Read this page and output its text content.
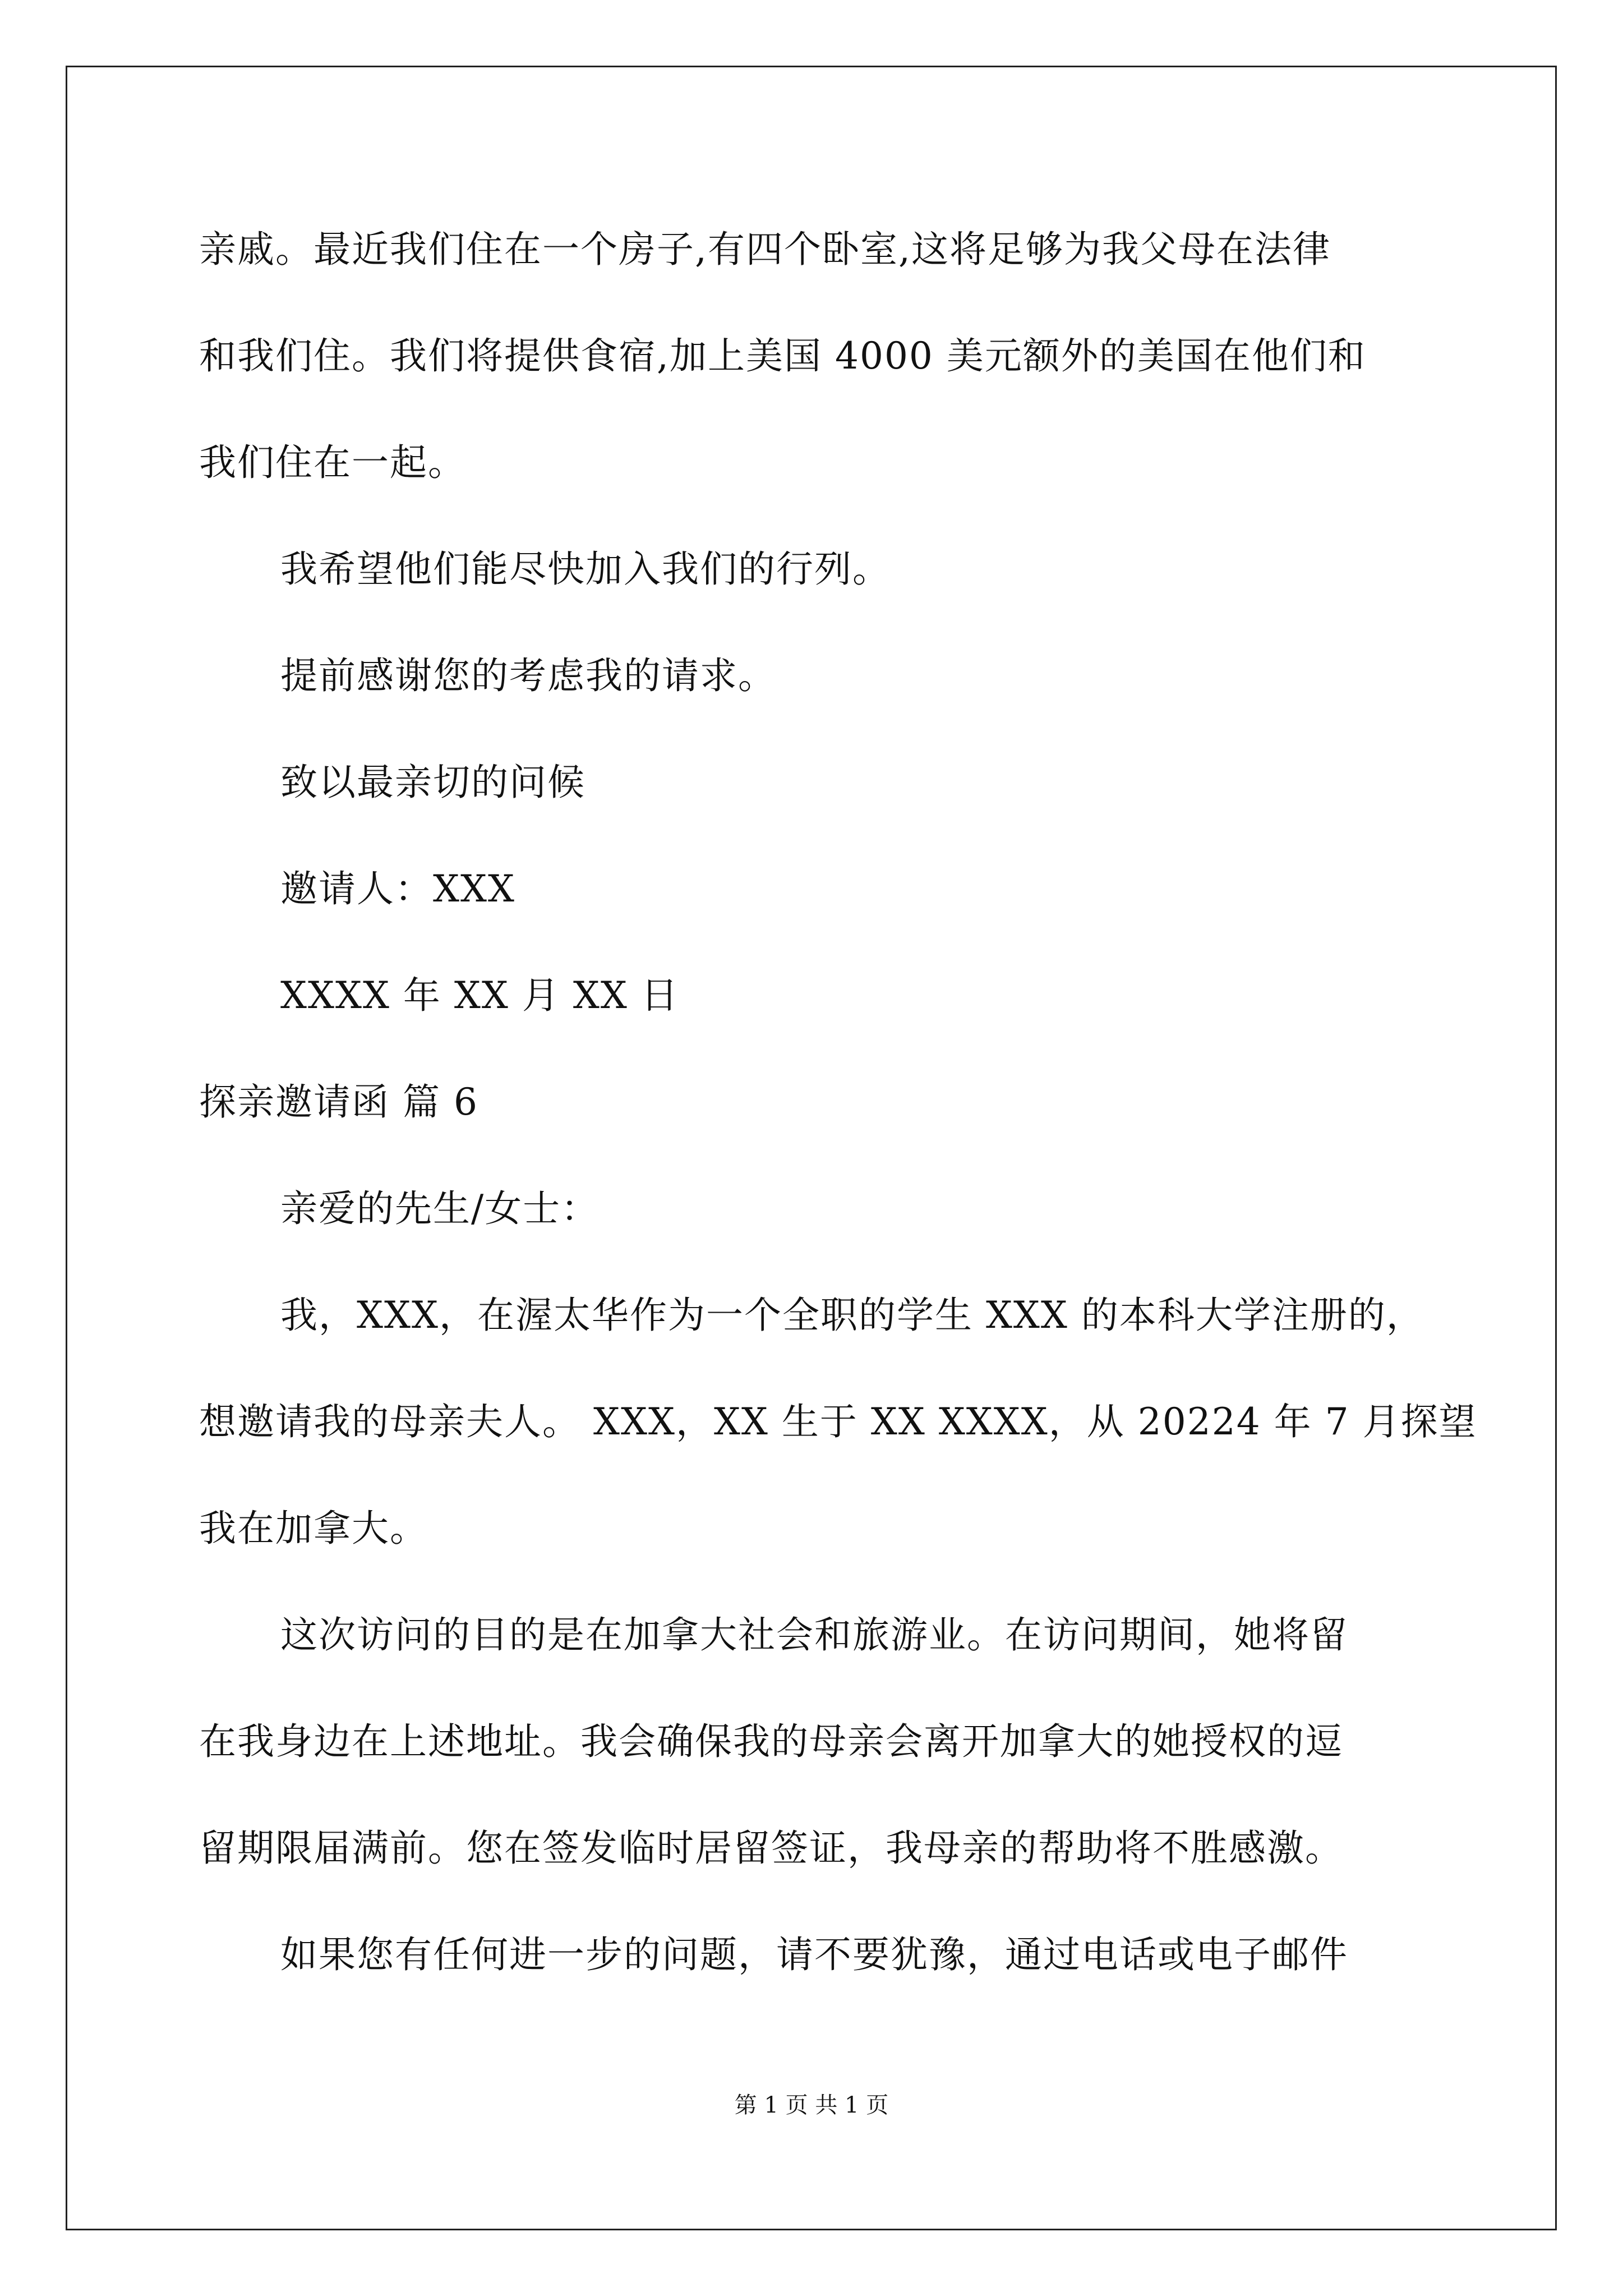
亲戚。最近我们住在一个房子,有四个卧室,这将足够为我父母在法律
和我们住。我们将提供食宿,加上美国 4000 美元额外的美国在他们和
我们住在一起。
我希望他们能尽快加入我们的行列。
提前感谢您的考虑我的请求。
致以最亲切的问候
邀请人：XXX
XXXX 年 XX 月 XX 日
探亲邀请函 篇 6
亲爱的先生/女士：
我，XXX，在渥太华作为一个全职的学生 XXX 的本科大学注册的，
想邀请我的母亲夫人。 XXX，XX 生于 XX XXXX，从 20224 年 7 月探望
我在加拿大。
这次访问的目的是在加拿大社会和旅游业。在访问期间，她将留
在我身边在上述地址。我会确保我的母亲会离开加拿大的她授权的逗
留期限届满前。您在签发临时居留签证，我母亲的帮助将不胜感激。
如果您有任何进一步的问题，请不要犹豫，通过电话或电子邮件
第 1 页 共 1 页
